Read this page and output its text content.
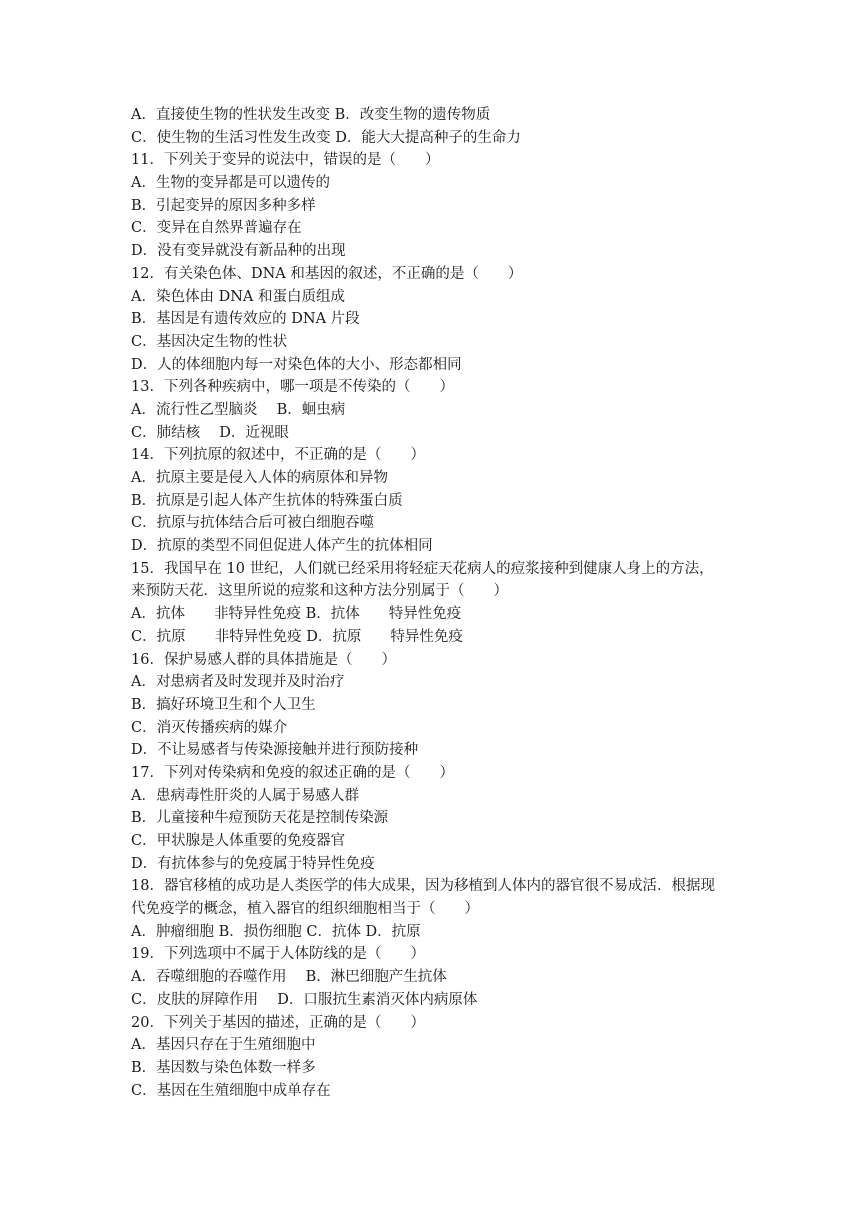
A．直接使生物的性状发生改变 B．改变生物的遗传物质

C．使生物的生活习性发生改变 D．能大大提高种子的生命力

11．下列关于变异的说法中，错误的是（　　）

A．生物的变异都是可以遗传的

B．引起变异的原因多种多样

C．变异在自然界普遍存在

D．没有变异就没有新品种的出现

12．有关染色体、DNA 和基因的叙述，不正确的是（　　）

A．染色体由 DNA 和蛋白质组成

B．基因是有遗传效应的 DNA 片段

C．基因决定生物的性状

D．人的体细胞内每一对染色体的大小、形态都相同

13．下列各种疾病中，哪一项是不传染的（　　）

A．流行性乙型脑炎　 B．蛔虫病

C．肺结核　 D．近视眼

14．下列抗原的叙述中，不正确的是（　　）

A．抗原主要是侵入人体的病原体和异物

B．抗原是引起人体产生抗体的特殊蛋白质

C．抗原与抗体结合后可被白细胞吞噬

D．抗原的类型不同但促进人体产生的抗体相同

15．我国早在 10 世纪，人们就已经采用将轻症天花病人的痘浆接种到健康人身上的方法，

来预防天花．这里所说的痘浆和这种方法分别属于（　　）

A．抗体　　非特异性免疫 B．抗体　　特异性免疫

C．抗原　　非特异性免疫 D．抗原　　特异性免疫

16．保护易感人群的具体措施是（　　）

A．对患病者及时发现并及时治疗

B．搞好环境卫生和个人卫生

C．消灭传播疾病的媒介

D．不让易感者与传染源接触并进行预防接种

17．下列对传染病和免疫的叙述正确的是（　　）

A．患病毒性肝炎的人属于易感人群

B．儿童接种牛痘预防天花是控制传染源

C．甲状腺是人体重要的免疫器官

D．有抗体参与的免疫属于特异性免疫

18．器官移植的成功是人类医学的伟大成果，因为移植到人体内的器官很不易成活．根据现

代免疫学的概念，植入器官的组织细胞相当于（　　）

A．肿瘤细胞 B．损伤细胞 C．抗体 D．抗原

19．下列选项中不属于人体防线的是（　　）

A．吞噬细胞的吞噬作用　 B．淋巴细胞产生抗体

C．皮肤的屏障作用　 D．口服抗生素消灭体内病原体

20．下列关于基因的描述，正确的是（　　）

A．基因只存在于生殖细胞中

B．基因数与染色体数一样多

C．基因在生殖细胞中成单存在
